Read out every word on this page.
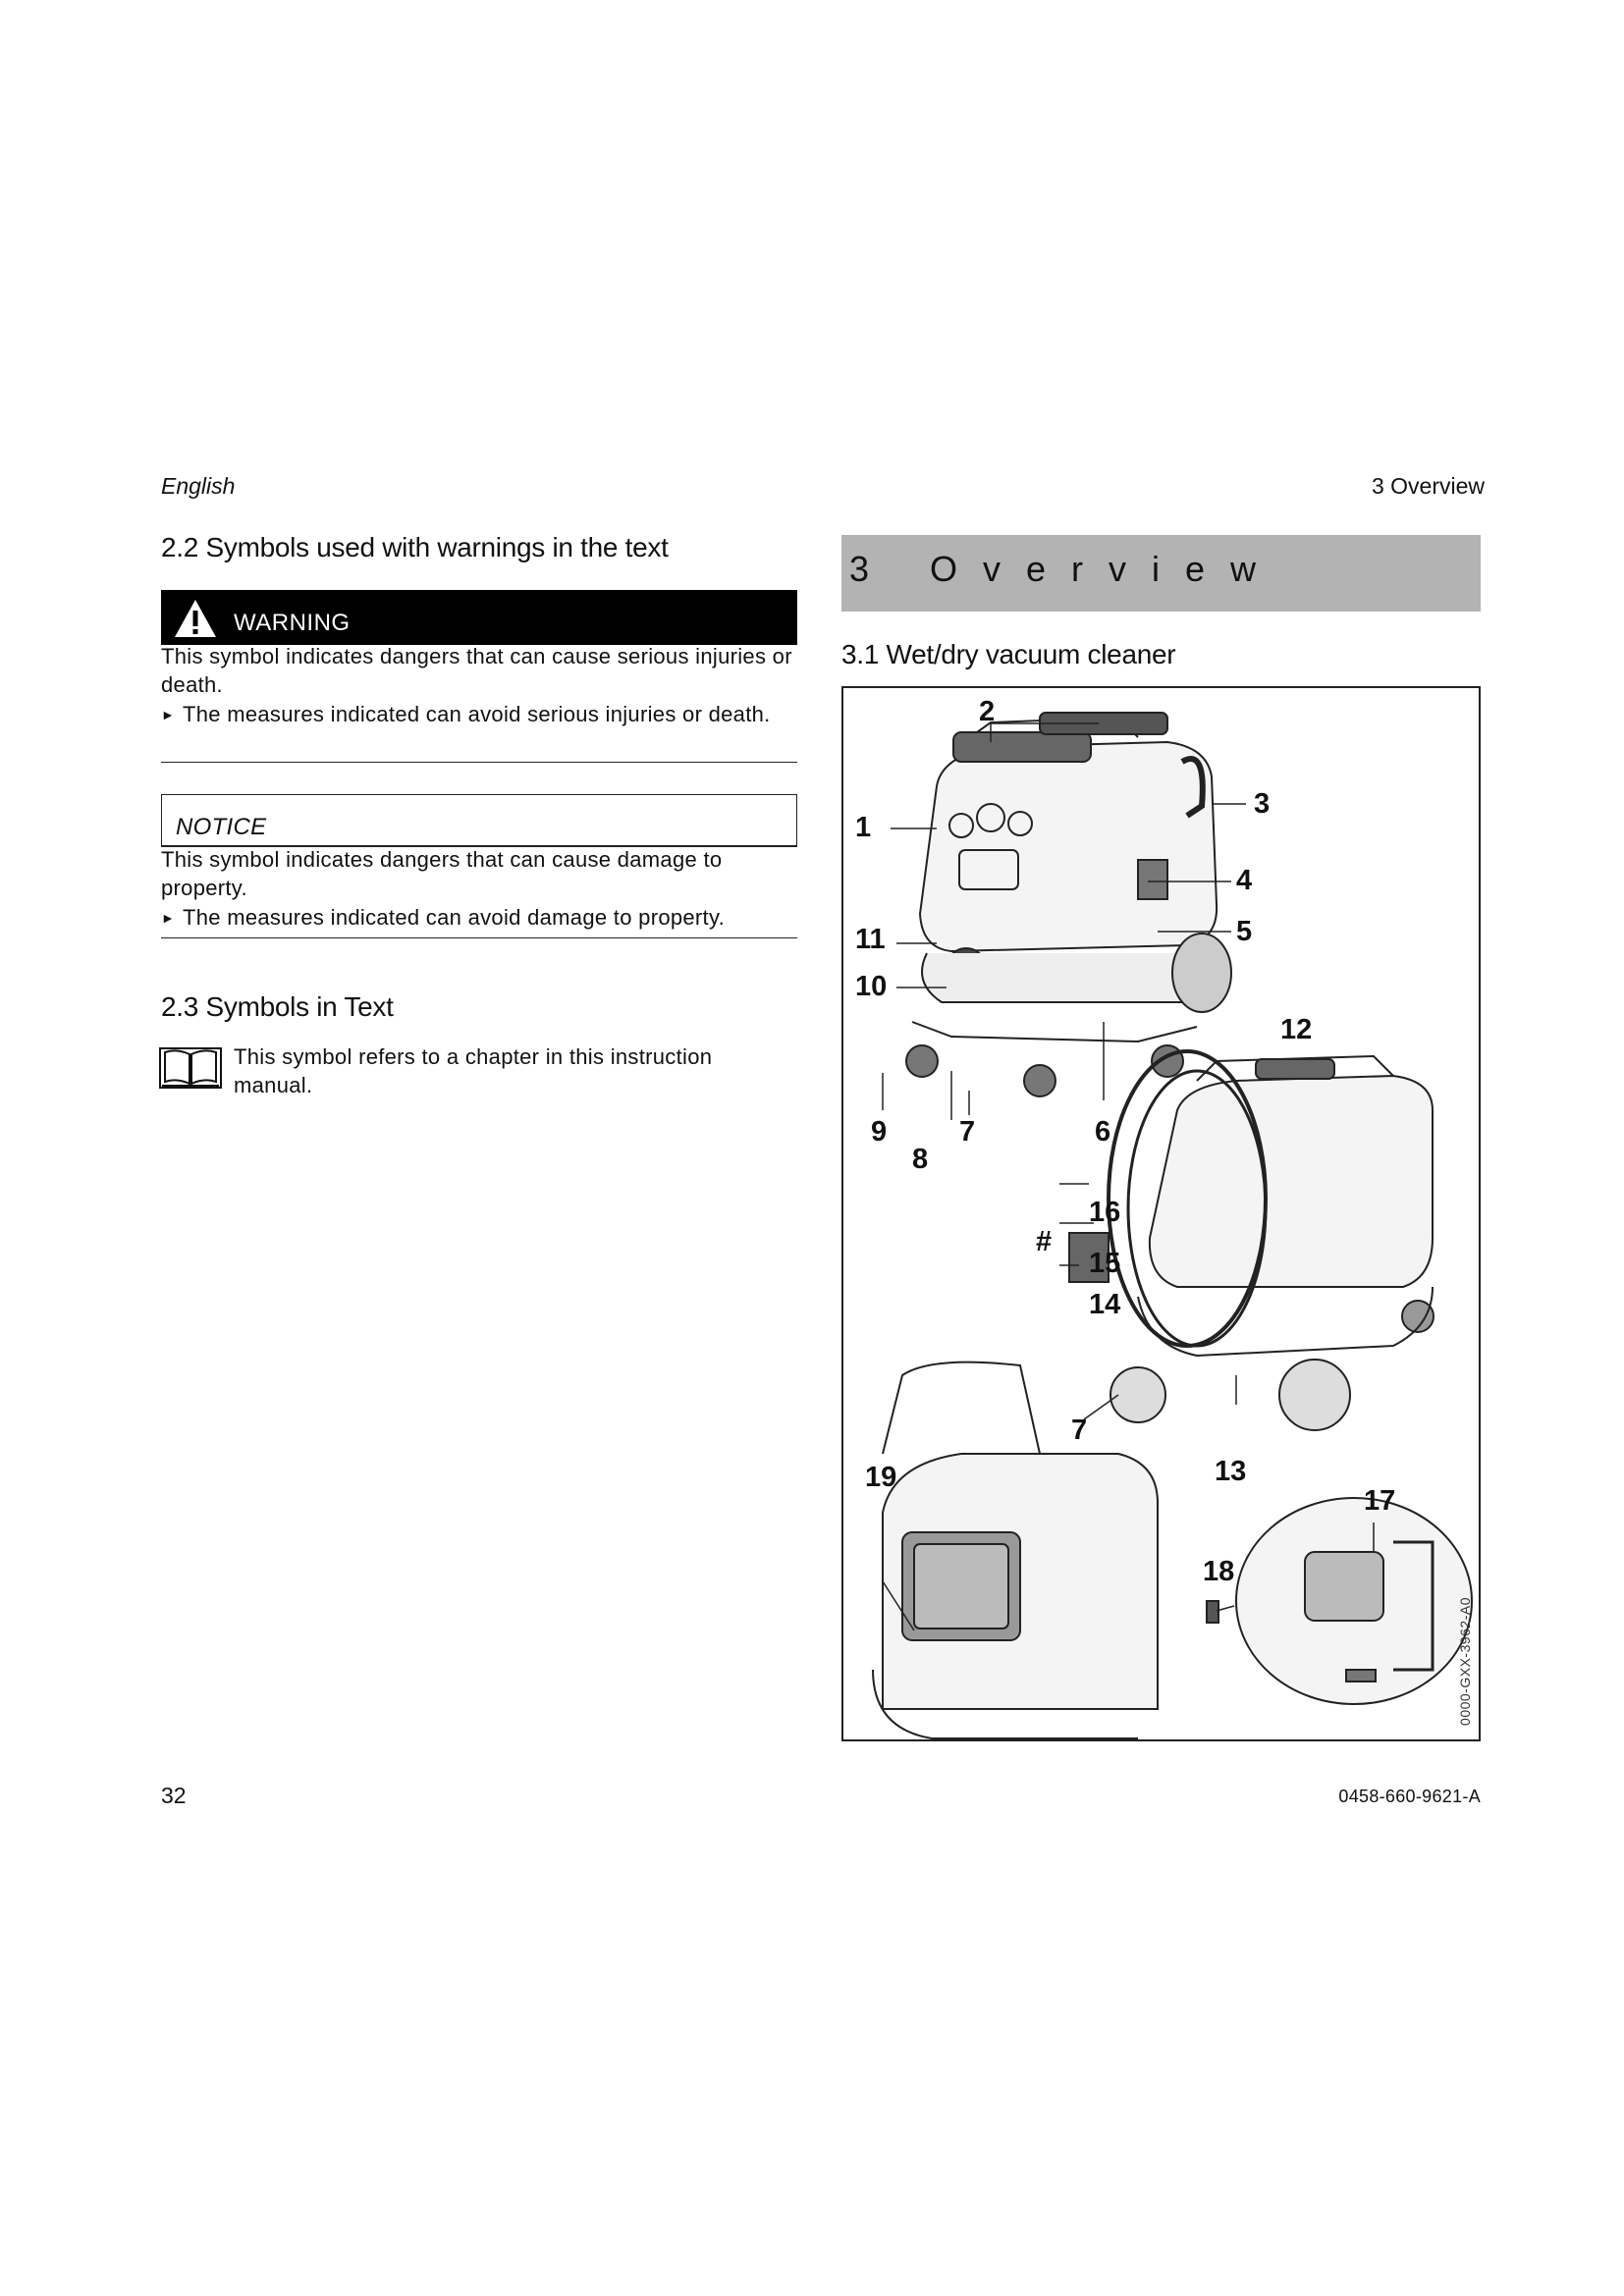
English	3 Overview
2.2 Symbols used with warnings in the text
WARNING
This symbol indicates dangers that can cause serious injuries or death.
► The measures indicated can avoid serious injuries or death.
NOTICE
This symbol indicates dangers that can cause damage to property.
► The measures indicated can avoid damage to property.
2.3 Symbols in Text
This symbol refers to a chapter in this instruction manual.
3 Overview
3.1 Wet/dry vacuum cleaner
1
2
3
4
5
6
7
8
9
10
11
12
#
13
14
15
16
7
17
18
19
0000-GXX-3962-A0
32	0458-660-9621-A
